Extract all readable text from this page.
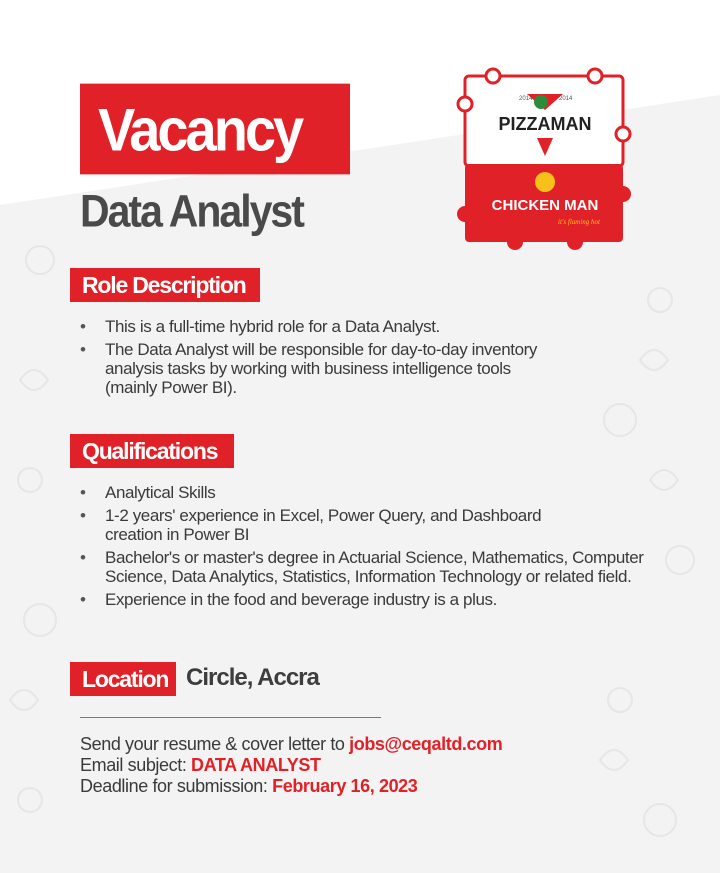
Vacancy
Data Analyst
2014	2014
PIZZAMAN
CHICKEN MAN
it's flaming hot
Role Description
• This is a full-time hybrid role for a Data Analyst.
• The Data Analyst will be responsible for day-to-day inventory analysis tasks by working with business intelligence tools (mainly Power BI).
Qualifications
• Analytical Skills
• 1-2 years' experience in Excel, Power Query, and Dashboard creation in Power BI
• Bachelor's or master's degree in Actuarial Science, Mathematics, Computer Science, Data Analytics, Statistics, Information Technology or related field.
• Experience in the food and beverage industry is a plus.
Location Circle, Accra
Send your resume & cover letter to jobs@ceqaltd.com
Email subject: DATA ANALYST
Deadline for submission: February 16, 2023
